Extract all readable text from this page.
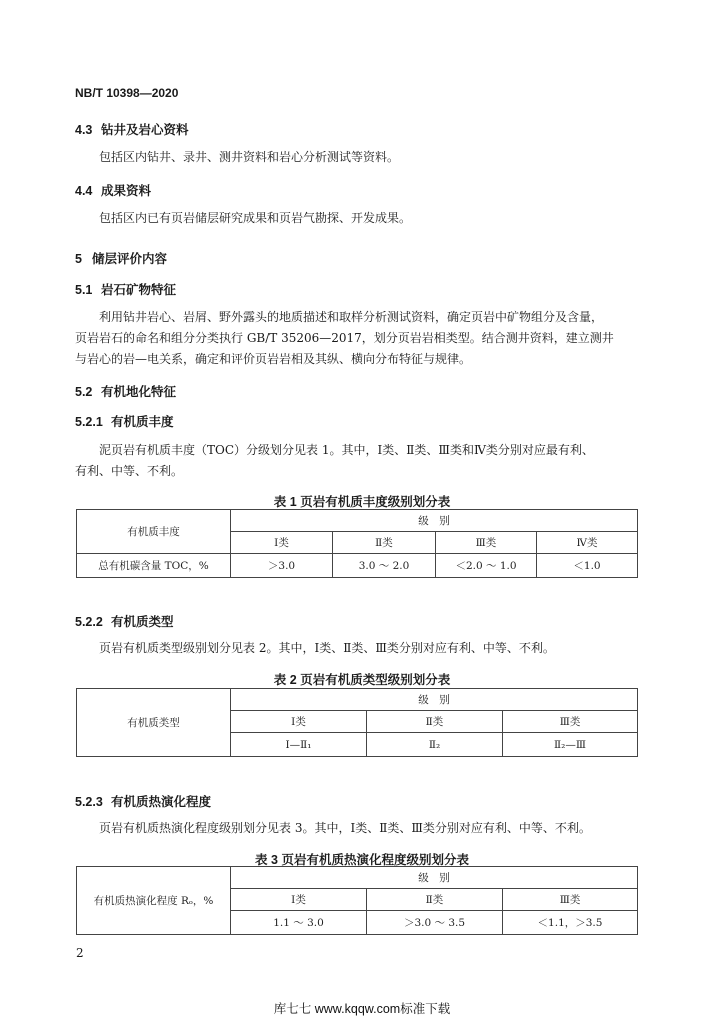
NB/T 10398—2020
4.3 钻井及岩心资料
包括区内钻井、录井、测井资料和岩心分析测试等资料。
4.4 成果资料
包括区内已有页岩储层研究成果和页岩气勘探、开发成果。
5 储层评价内容
5.1 岩石矿物特征
利用钻井岩心、岩屑、野外露头的地质描述和取样分析测试资料，确定页岩中矿物组分及含量，
页岩岩石的命名和组分分类执行 GB/T 35206—2017，划分页岩岩相类型。结合测井资料，建立测井
与岩心的岩—电关系，确定和评价页岩岩相及其纵、横向分布特征与规律。
5.2 有机地化特征
5.2.1 有机质丰度
泥页岩有机质丰度（TOC）分级划分见表 1。其中，Ⅰ类、Ⅱ类、Ⅲ类和Ⅳ类分别对应最有利、
有利、中等、不利。
表 1 页岩有机质丰度级别划分表
有机质丰度	级　别			
	Ⅰ类	Ⅱ类	Ⅲ类	Ⅳ类
总有机碳含量 TOC，%	＞3.0	3.0 ～ 2.0	＜2.0 ～ 1.0	＜1.0
5.2.2 有机质类型
页岩有机质类型级别划分见表 2。其中，Ⅰ类、Ⅱ类、Ⅲ类分别对应有利、中等、不利。
表 2 页岩有机质类型级别划分表
有机质类型	级　别		
	Ⅰ类	Ⅱ类	Ⅲ类
	Ⅰ—Ⅱ₁	Ⅱ₂	Ⅱ₂—Ⅲ
5.2.3 有机质热演化程度
页岩有机质热演化程度级别划分见表 3。其中，Ⅰ类、Ⅱ类、Ⅲ类分别对应有利、中等、不利。
表 3 页岩有机质热演化程度级别划分表
有机质热演化程度 Rₒ，%	级　别		
	Ⅰ类	Ⅱ类	Ⅲ类
	1.1 ～ 3.0	＞3.0 ～ 3.5	＜1.1，＞3.5
2
库七七 www.kqqw.com标准下载
